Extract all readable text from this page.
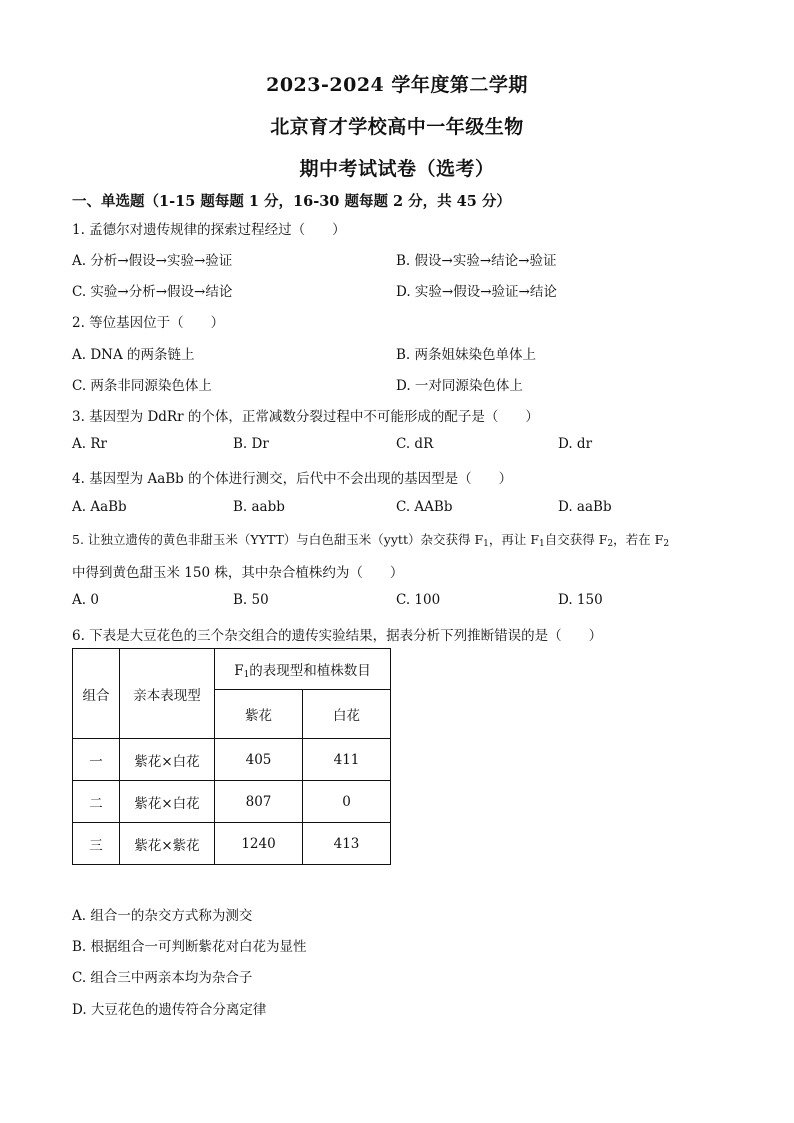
2023-2024 学年度第二学期
北京育才学校高中一年级生物
期中考试试卷（选考）
一、单选题（1-15 题每题 1 分，16-30 题每题 2 分，共 45 分）
1. 孟德尔对遗传规律的探索过程经过（　　）
A. 分析→假设→实验→验证	B. 假设→实验→结论→验证
C. 实验→分析→假设→结论	D. 实验→假设→验证→结论
2. 等位基因位于（　　）
A. DNA 的两条链上	B. 两条姐妹染色单体上
C. 两条非同源染色体上	D. 一对同源染色体上
3. 基因型为 DdRr 的个体，正常减数分裂过程中不可能形成的配子是（　　）
A. Rr	B. Dr	C. dR	D. dr
4. 基因型为 AaBb 的个体进行测交，后代中不会出现的基因型是（　　）
A. AaBb	B. aabb	C. AABb	D. aaBb
5. 让独立遗传的黄色非甜玉米（YYTT）与白色甜玉米（yytt）杂交获得 $F_1$，再让 $F_1$自交获得 $F_2$，若在 $F_2$
中得到黄色甜玉米 150 株，其中杂合植株约为（　　）
A. 0	B. 50	C. 100	D. 150
6. 下表是大豆花色的三个杂交组合的遗传实验结果，据表分析下列推断错误的是（　　）
组合	亲本表现型	$F_1$的表现型和植株数目	
		紫花	白花
一	紫花×白花	405	411
二	紫花×白花	807	0
三	紫花×紫花	1240	413
A. 组合一的杂交方式称为测交
B. 根据组合一可判断紫花对白花为显性
C. 组合三中两亲本均为杂合子
D. 大豆花色的遗传符合分离定律
